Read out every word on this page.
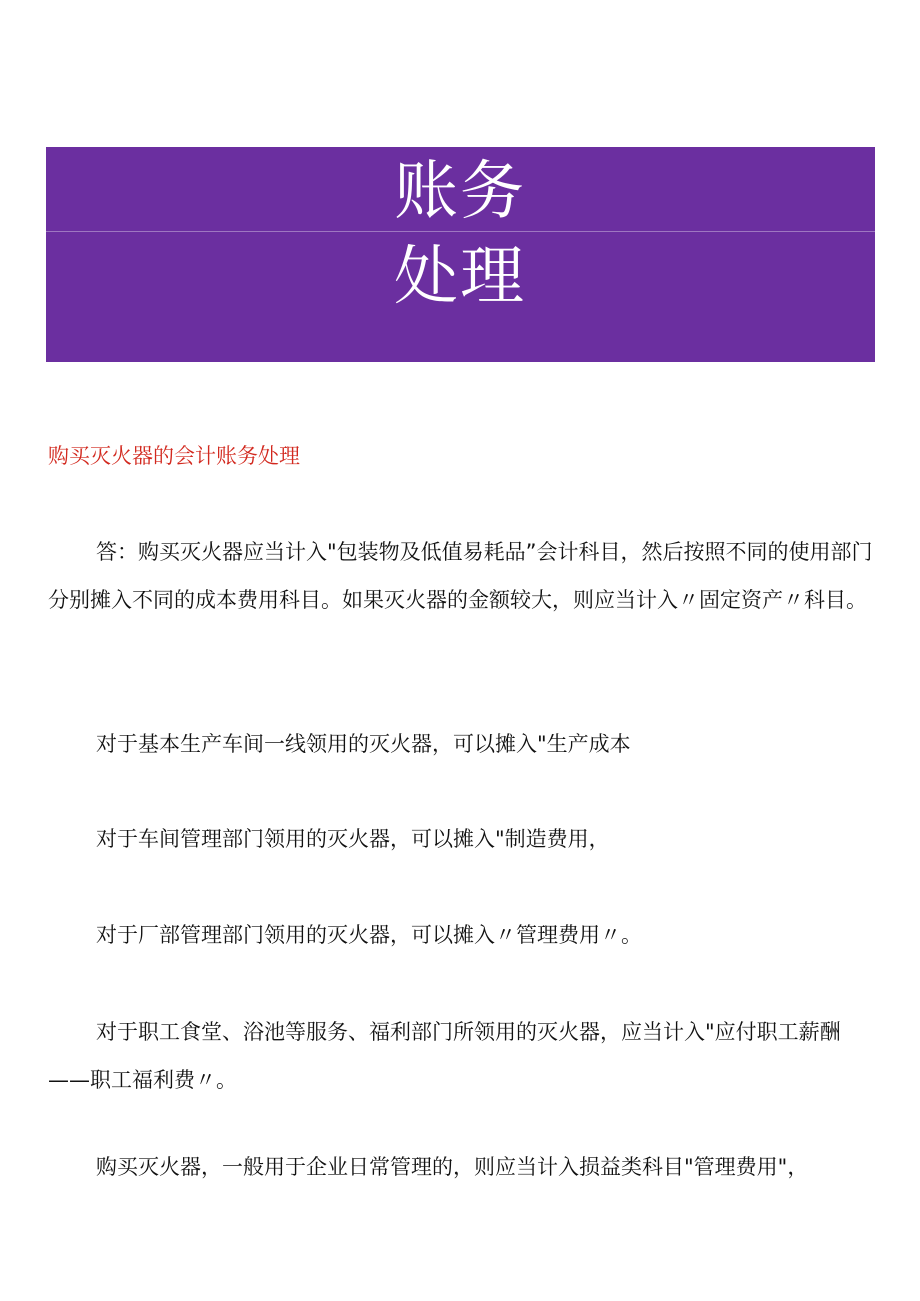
账务
处理
购买灭火器的会计账务处理

答：购买灭火器应当计入"包装物及低值易耗品”会计科目，然后按照不同的使用部门分别摊入不同的成本费用科目。如果灭火器的金额较大，则应当计入〃固定资产〃科目。

对于基本生产车间一线领用的灭火器，可以摊入"生产成本

对于车间管理部门领用的灭火器，可以摊入"制造费用，

对于厂部管理部门领用的灭火器，可以摊入〃管理费用〃。

对于职工食堂、浴池等服务、福利部门所领用的灭火器，应当计入"应付职工薪酬——职工福利费〃。

购买灭火器，一般用于企业日常管理的，则应当计入损益类科目"管理费用"，
